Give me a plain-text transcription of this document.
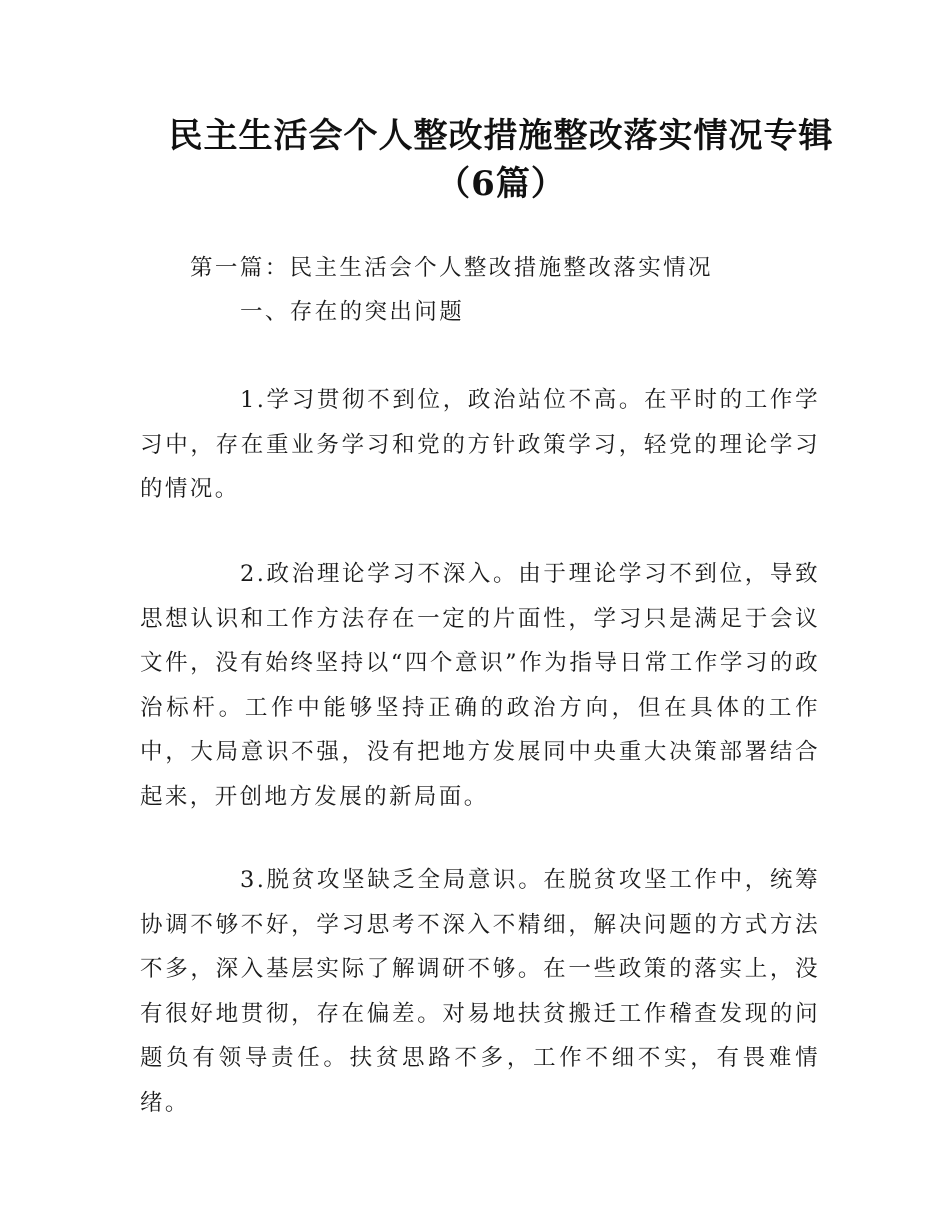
民主生活会个人整改措施整改落实情况专辑（6篇）

第一篇：民主生活会个人整改措施整改落实情况

一、存在的突出问题

1.学习贯彻不到位，政治站位不高。在平时的工作学习中，存在重业务学习和党的方针政策学习，轻党的理论学习的情况。

2.政治理论学习不深入。由于理论学习不到位，导致思想认识和工作方法存在一定的片面性，学习只是满足于会议文件，没有始终坚持以“四个意识”作为指导日常工作学习的政治标杆。工作中能够坚持正确的政治方向，但在具体的工作中，大局意识不强，没有把地方发展同中央重大决策部署结合起来，开创地方发展的新局面。

3.脱贫攻坚缺乏全局意识。在脱贫攻坚工作中，统筹协调不够不好，学习思考不深入不精细，解决问题的方式方法不多，深入基层实际了解调研不够。在一些政策的落实上，没有很好地贯彻，存在偏差。对易地扶贫搬迁工作稽查发现的问题负有领导责任。扶贫思路不多，工作不细不实，有畏难情绪。
